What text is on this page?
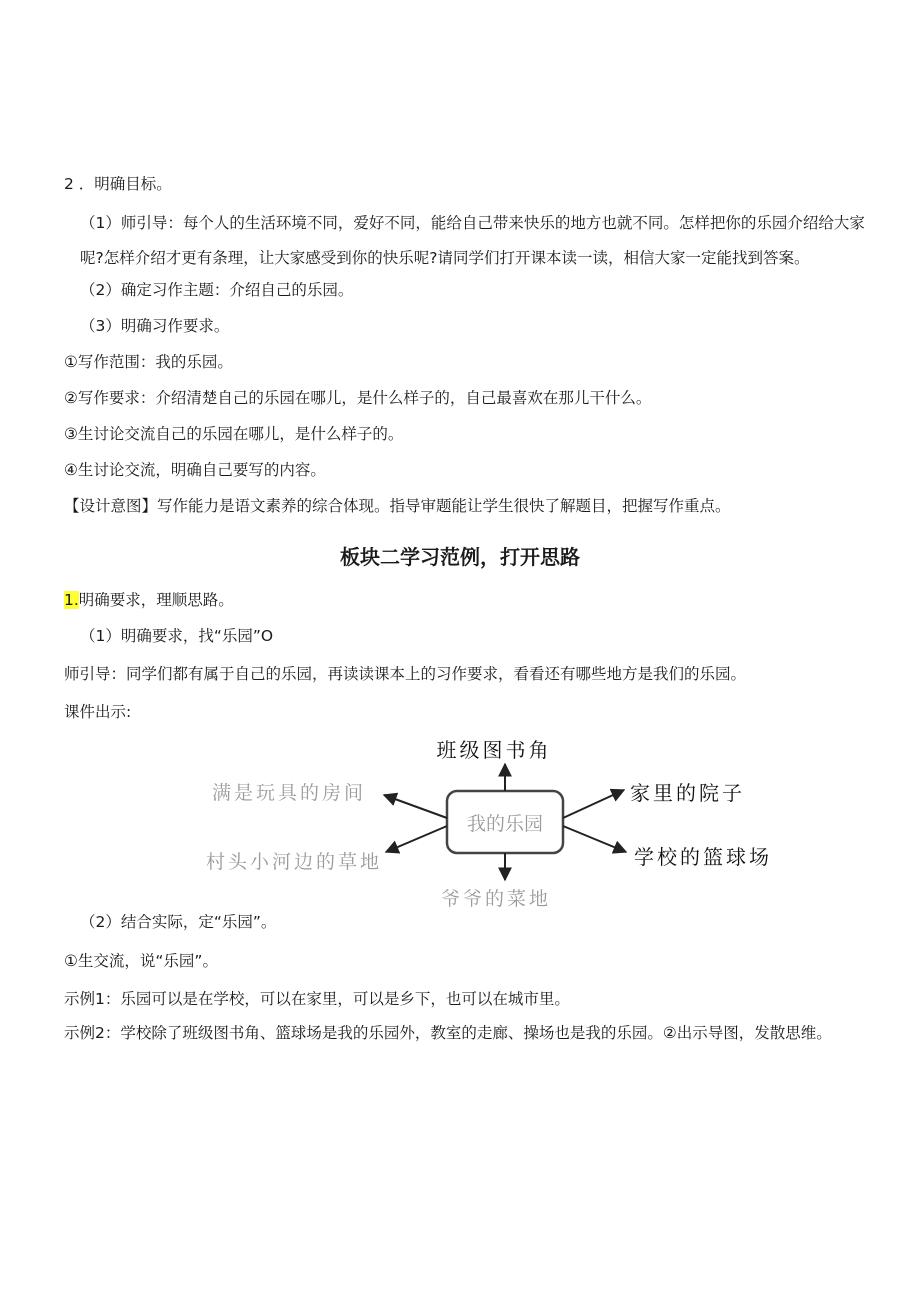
2 ．明确目标。
（1）师引导：每个人的生活环境不同，爱好不同，能给自己带来快乐的地方也就不同。怎样把你的乐园介绍给大家呢?怎样介绍才更有条理，让大家感受到你的快乐呢?请同学们打开课本读一读，相信大家一定能找到答案。
（2）确定习作主题：介绍自己的乐园。
（3）明确习作要求。
①写作范围：我的乐园。
②写作要求：介绍清楚自己的乐园在哪儿，是什么样子的，自己最喜欢在那儿干什么。
③生讨论交流自己的乐园在哪儿，是什么样子的。
④生讨论交流，明确自己要写的内容。
【设计意图】写作能力是语文素养的综合体现。指导审题能让学生很快了解题目，把握写作重点。
板块二学习范例，打开思路
1.明确要求，理顺思路。
（1）明确要求，找“乐园”O
师引导：同学们都有属于自己的乐园，再读读课本上的习作要求，看看还有哪些地方是我们的乐园。
课件出示:
我的乐园
班级图书角
爷爷的菜地
满是玩具的房间
村头小河边的草地
家里的院子
学校的篮球场
（2）结合实际，定“乐园”。
①生交流，说“乐园”。
示例1：乐园可以是在学校，可以在家里，可以是乡下，也可以在城市里。
示例2：学校除了班级图书角、篮球场是我的乐园外，教室的走廊、操场也是我的乐园。②出示导图，发散思维。
